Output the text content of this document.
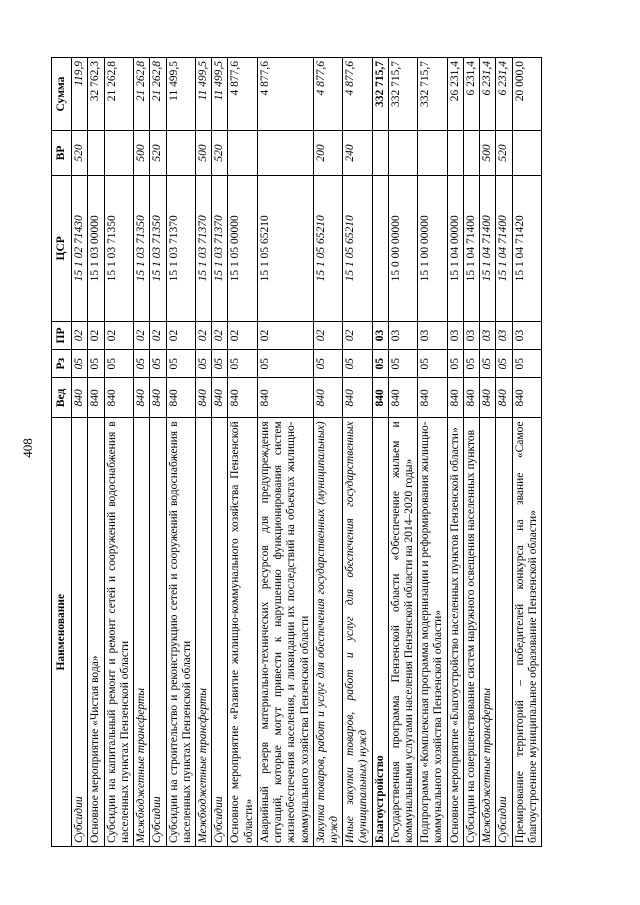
408
Наименование	Вед	Рз	ПР	ЦСР	ВР	Сумма
Субсидии	840	05	02	15 1 02 71430	520	119,9
Основное мероприятие «Чистая вода»	840	05	02	15 1 03 00000		32 762,3
Субсидии на капитальный ремонт и ремонт сетей и сооружений водоснабжения в населенных пунктах Пензенской области	840	05	02	15 1 03 71350		21 262,8
Межбюджетные трансферты	840	05	02	15 1 03 71350	500	21 262,8
Субсидии	840	05	02	15 1 03 71350	520	21 262,8
Субсидии на строительство и реконструкцию сетей и сооружений водоснабжения в населенных пунктах Пензенской области	840	05	02	15 1 03 71370		11 499,5
Межбюджетные трансферты	840	05	02	15 1 03 71370	500	11 499,5
Субсидии	840	05	02	15 1 03 71370	520	11 499,5
Основное мероприятие «Развитие жилищно-коммунального хозяйства Пензенской области»	840	05	02	15 1 05 00000		4 877,6
Аварийный резерв материально-технических ресурсов для предупреждения ситуаций, которые могут привести к нарушению функционирования систем жизнеобеспечения населения, и ликвидации их последствий на объектах жилищно-коммунального хозяйства Пензенской области	840	05	02	15 1 05 65210		4 877,6
Закупка товаров, работ и услуг для обеспечения государственных (муниципальных) нужд	840	05	02	15 1 05 65210	200	4 877,6
Иные закупки товаров, работ и услуг для обеспечения государственных (муниципальных) нужд	840	05	02	15 1 05 65210	240	4 877,6
Благоустройство	840	05	03			332 715,7
Государственная программа Пензенской области «Обеспечение жильем и коммунальными услугами населения Пензенской области на 2014–2020 годы»	840	05	03	15 0 00 00000		332 715,7
Подпрограмма «Комплексная программа модернизации и реформирования жилищно-коммунального хозяйства Пензенской области»	840	05	03	15 1 00 00000		332 715,7
Основное мероприятие «Благоустройство населенных пунктов Пензенской области»	840	05	03	15 1 04 00000		26 231,4
Субсидии на совершенствование систем наружного освещения населенных пунктов	840	05	03	15 1 04 71400		6 231,4
Межбюджетные трансферты	840	05	03	15 1 04 71400	500	6 231,4
Субсидии	840	05	03	15 1 04 71400	520	6 231,4
Премирование территорий – победителей конкурса на звание «Самое благоустроенное муниципальное образование Пензенской области»	840	05	03	15 1 04 71420		20 000,0
